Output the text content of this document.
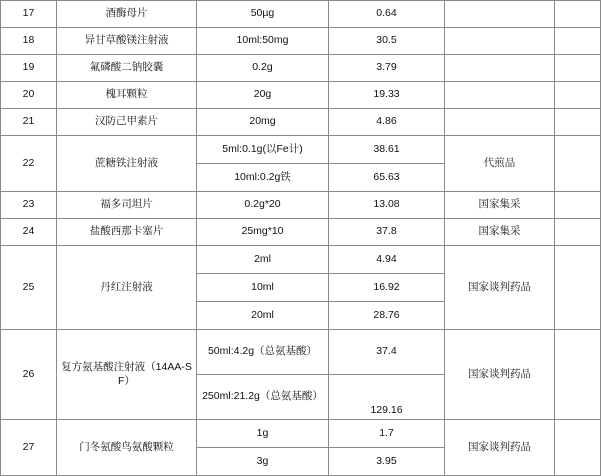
17	酒酶母片	50µg	0.64		
18	异甘草酸镁注射液	10ml:50mg	30.5		
19	氟磷酸二钠胶囊	0.2g	3.79		
20	槐耳颗粒	20g	19.33		
21	汉防己甲素片	20mg	4.86		
22	蔗糖铁注射液	5ml:0.1g(以Fe计)	38.61	代煎品	
		10ml:0.2g铁	65.63		
23	福多司坦片	0.2g*20	13.08	国家集采	
24	盐酸西那卡塞片	25mg*10	37.8	国家集采	
25	丹红注射液	2ml	4.94	国家谈判药品	
		10ml	16.92		
		20ml	28.76		
26	复方氨基酸注射液（14AA-SF）	50ml:4.2g（总氨基酸）	37.4	国家谈判药品	
		250ml:21.2g（总氨基酸）	129.16		
27	门冬氨酸鸟氨酸颗粒	1g	1.7	国家谈判药品	
		3g	3.95		
